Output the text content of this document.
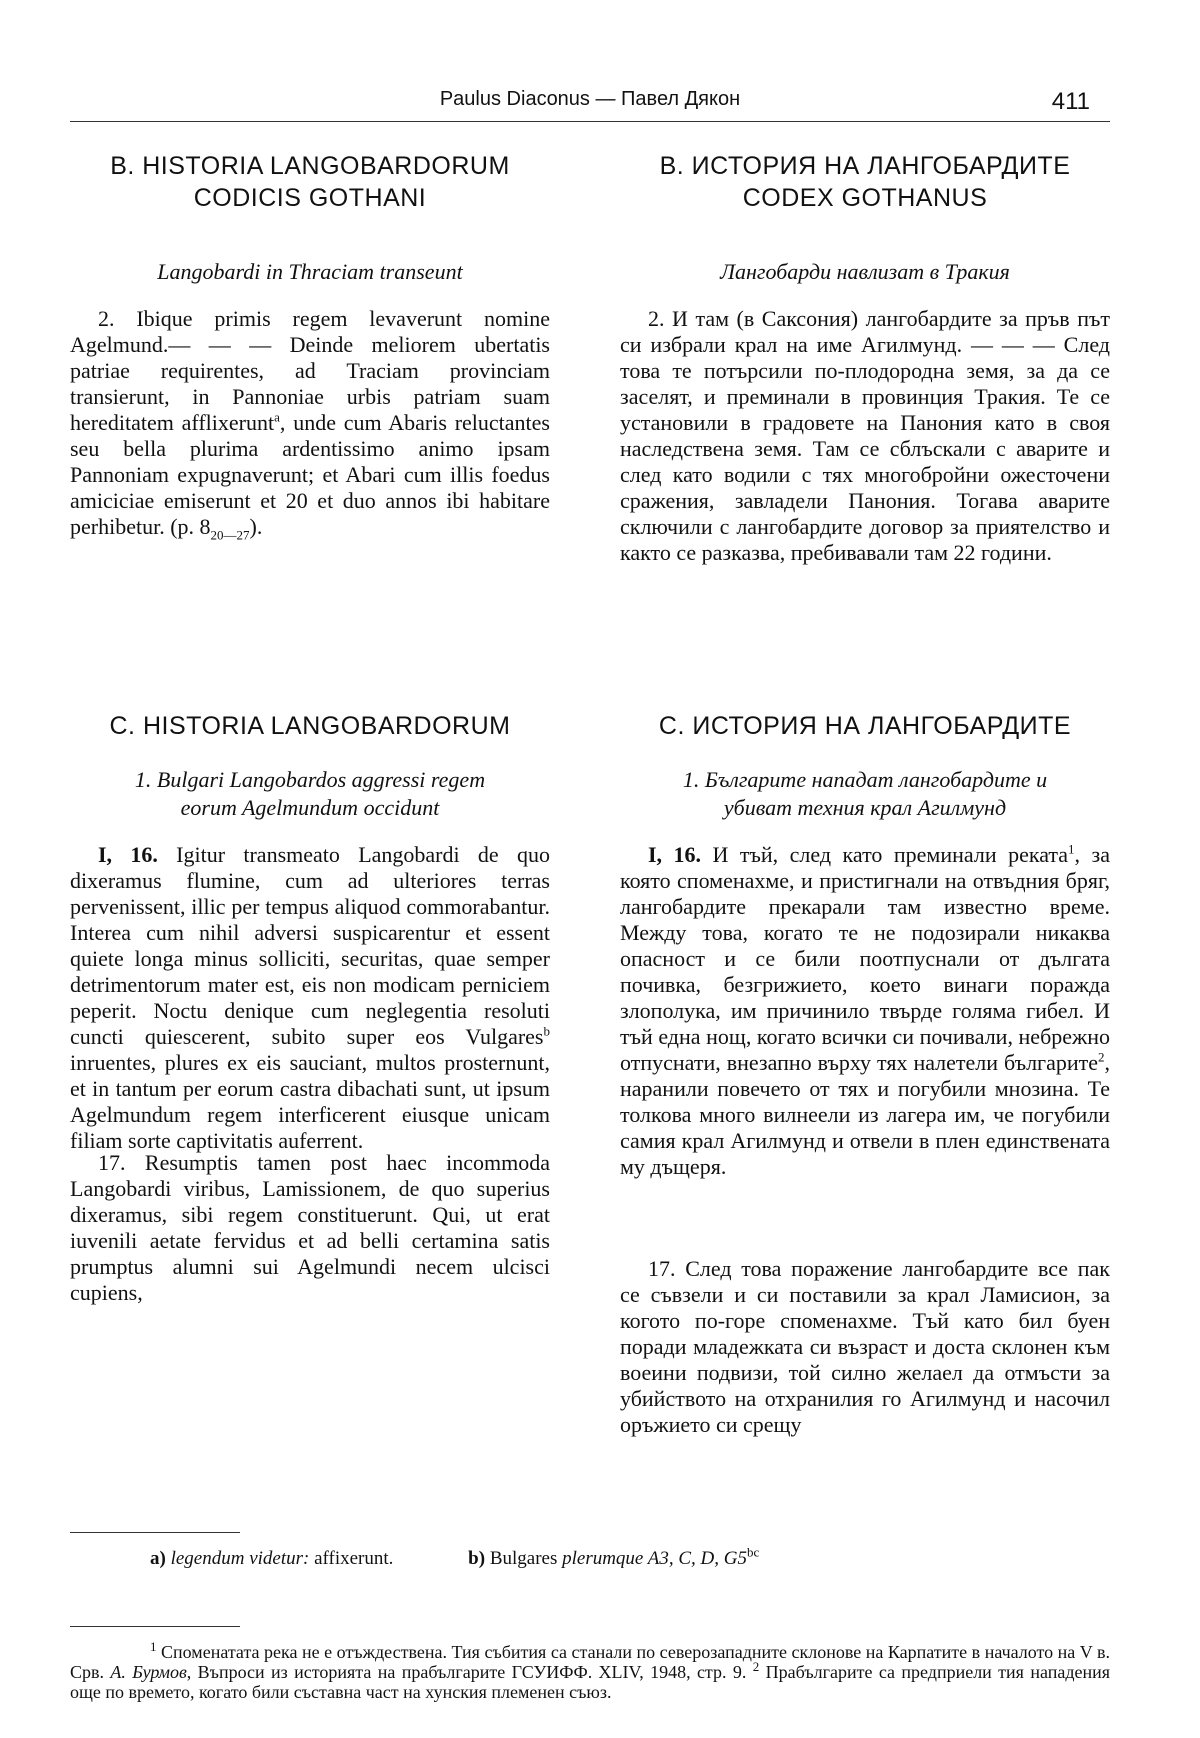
Paulus Diaconus — Павел Дякон	411
B. HISTORIA LANGOBARDORUM
CODICIS GOTHANI
Langobardi in Thraciam transeunt

2. Ibique primis regem levaverunt nomine Agelmund.— — — Deinde meliorem ubertatis patriae requirentes, ad Traciam provinciam transierunt, in Pannoniae urbis patriam suam hereditatem afflixerunt$^a$, unde cum Abaris reluctantes seu bella plurima ardentissimo animo ipsam Pannoniam expugnaverunt; et Abari cum illis foedus amiciciae emiserunt et 20 et duo annos ibi habitare perhibetur. (p. $8_{20—27}$).

C. HISTORIA LANGOBARDORUM
1. Bulgari Langobardos aggressi regem
eorum Agelmundum occidunt

I, 16. Igitur transmeato Langobardi de quo dixeramus flumine, cum ad ulteriores terras pervenissent, illic per tempus aliquod commorabantur. Interea cum nihil adversi suspicarentur et essent quiete longa minus solliciti, securitas, quae semper detrimentorum mater est, eis non modicam perniciem peperit. Noctu denique cum neglegentia resoluti cuncti quiescerent, subito super eos Vulgares$^b$ inruentes, plures ex eis sauciant, multos prosternunt, et in tantum per eorum castra dibachati sunt, ut ipsum Agelmundum regem interficerent eiusque unicam filiam sorte captivitatis auferrent.

17. Resumptis tamen post haec incommoda Langobardi viribus, Lamissionem, de quo superius dixeramus, sibi regem constituerunt. Qui, ut erat iuvenili aetate fervidus et ad belli certamina satis prumptus alumni sui Agelmundi necem ulcisci cupiens,

В. ИСТОРИЯ НА ЛАНГОБАРДИТЕ
CODEX GOTHANUS
Лангобарди навлизат в Тракия

2. И там (в Саксония) лангобардите за пръв път си избрали крал на име Агилмунд. — — — След това те потърсили по-плодородна земя, за да се заселят, и преминали в провинция Тракия. Те се установили в градовете на Панония като в своя наследствена земя. Там се сблъскали с аварите и след като водили с тях многобройни ожесточени сражения, завладели Панония. Тогава аварите сключили с лангобардите договор за приятелство и както се разказва, пребивавали там 22 години.

С. ИСТОРИЯ НА ЛАНГОБАРДИТЕ
1. Българите нападат лангобардите и
убиват техния крал Агилмунд

I, 16. И тъй, след като преминали реката$^1$, за която споменахме, и пристигнали на отвъдния бряг, лангобардите прекарали там известно време. Между това, когато те не подозирали никаква опасност и се били поотпуснали от дългата почивка, безгрижието, което винаги поражда злополука, им причинило твърде голяма гибел. И тъй една нощ, когато всички си почивали, небрежно отпуснати, внезапно върху тях налетели българите$^2$, наранили повечето от тях и погубили мнозина. Те толкова много вилнеели из лагера им, че погубили самия крал Агилмунд и отвели в плен единствената му дъщеря.

17. След това поражение лангобардите все пак се съвзели и си поставили за крал Ламисион, за когото по-горе споменахме. Тъй като бил буен поради младежката си възраст и доста склонен към воеини подвизи, той силно желаел да отмъсти за убийството на отхранилия го Агилмунд и насочил оръжието си срещу

a) legendum videtur: affixerunt.	b) Bulgares plerumque A3, C, D, $G5^{bc}$

$^1$ Споменатата река не е отъждествена. Тия събития са станали по северозападните склонове на Карпатите в началото на V в. Срв. А. Бурмов, Въпроси из историята на прабългарите ГСУИФФ. XLIV, 1948, стр. 9. $^2$ Прабългарите са предприели тия нападения още по времето, когато били съставна част на хунския племенен съюз.
